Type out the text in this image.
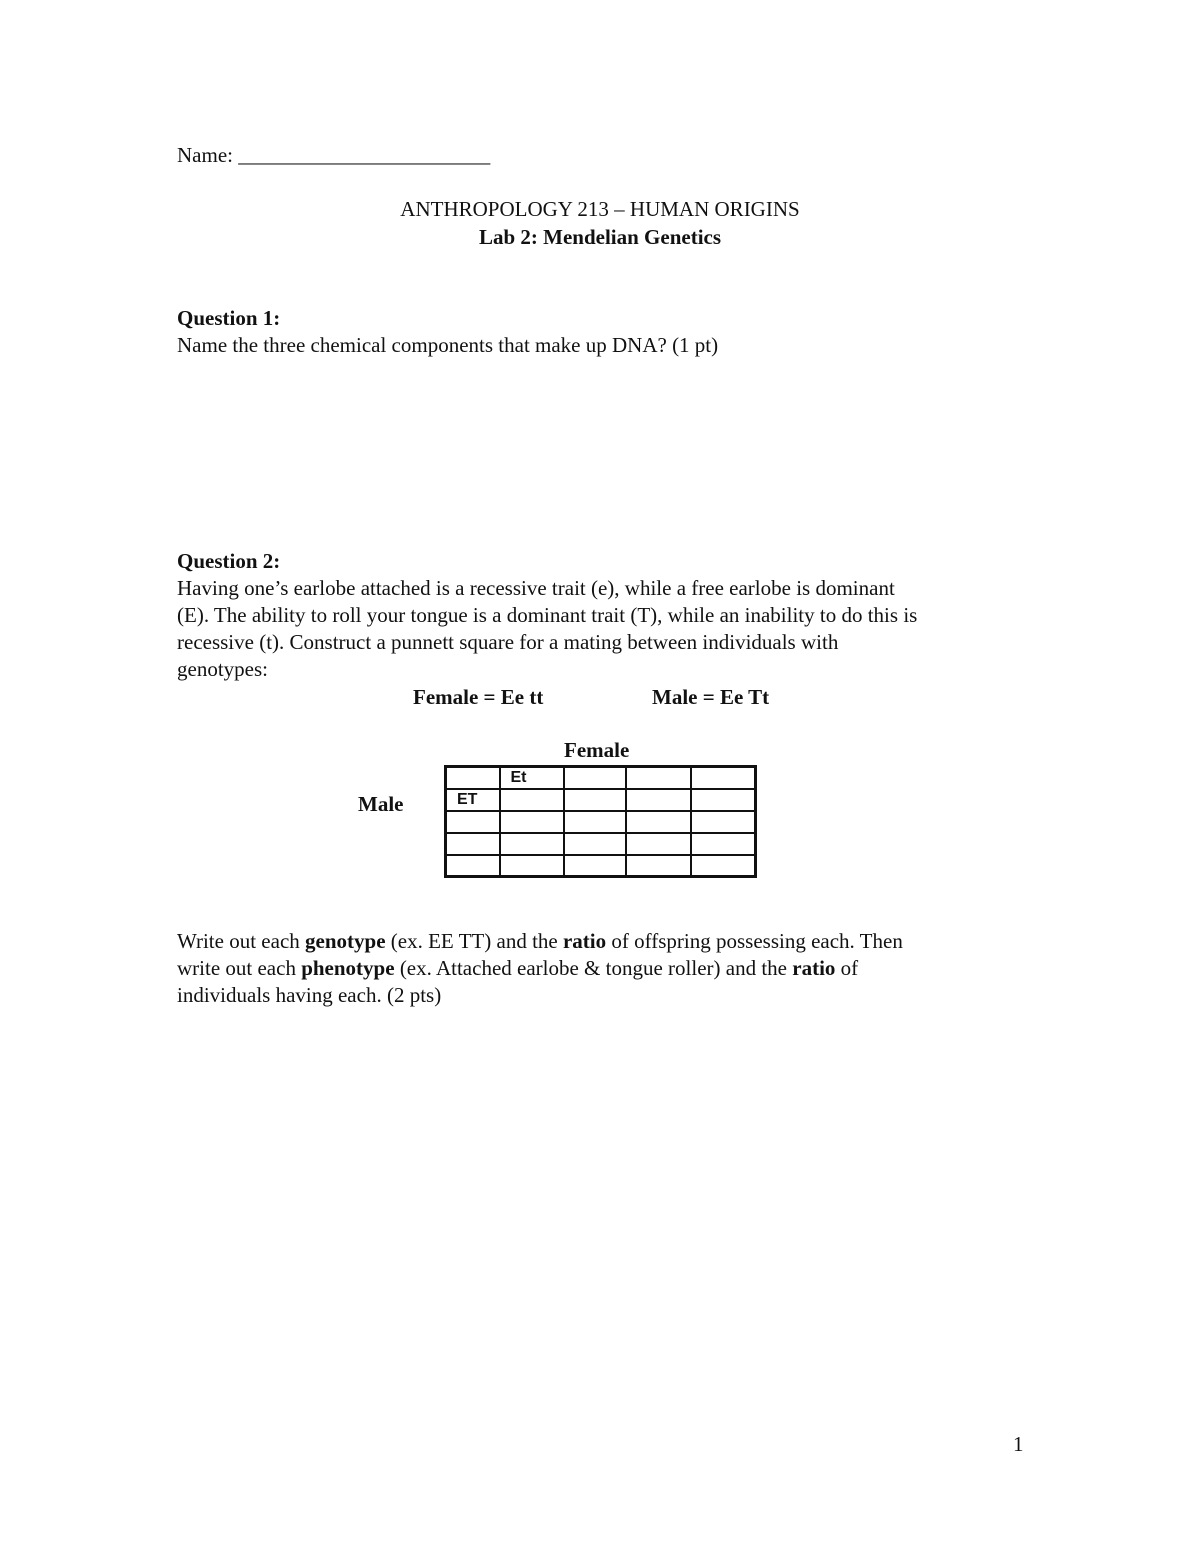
Name: ________________________
ANTHROPOLOGY 213 – HUMAN ORIGINS
Lab 2: Mendelian Genetics
Question 1:
Name the three chemical components that make up DNA? (1 pt)
Question 2:
Having one’s earlobe attached is a recessive trait (e), while a free earlobe is dominant
(E). The ability to roll your tongue is a dominant trait (T), while an inability to do this is
recessive (t). Construct a punnett square for a mating between individuals with
genotypes:
Female = Ee tt	Male = Ee Tt
Female
Male
	Et			
ET				

Write out each genotype (ex. EE TT) and the ratio of offspring possessing each. Then
write out each phenotype (ex. Attached earlobe & tongue roller) and the ratio of
individuals having each. (2 pts)
1
